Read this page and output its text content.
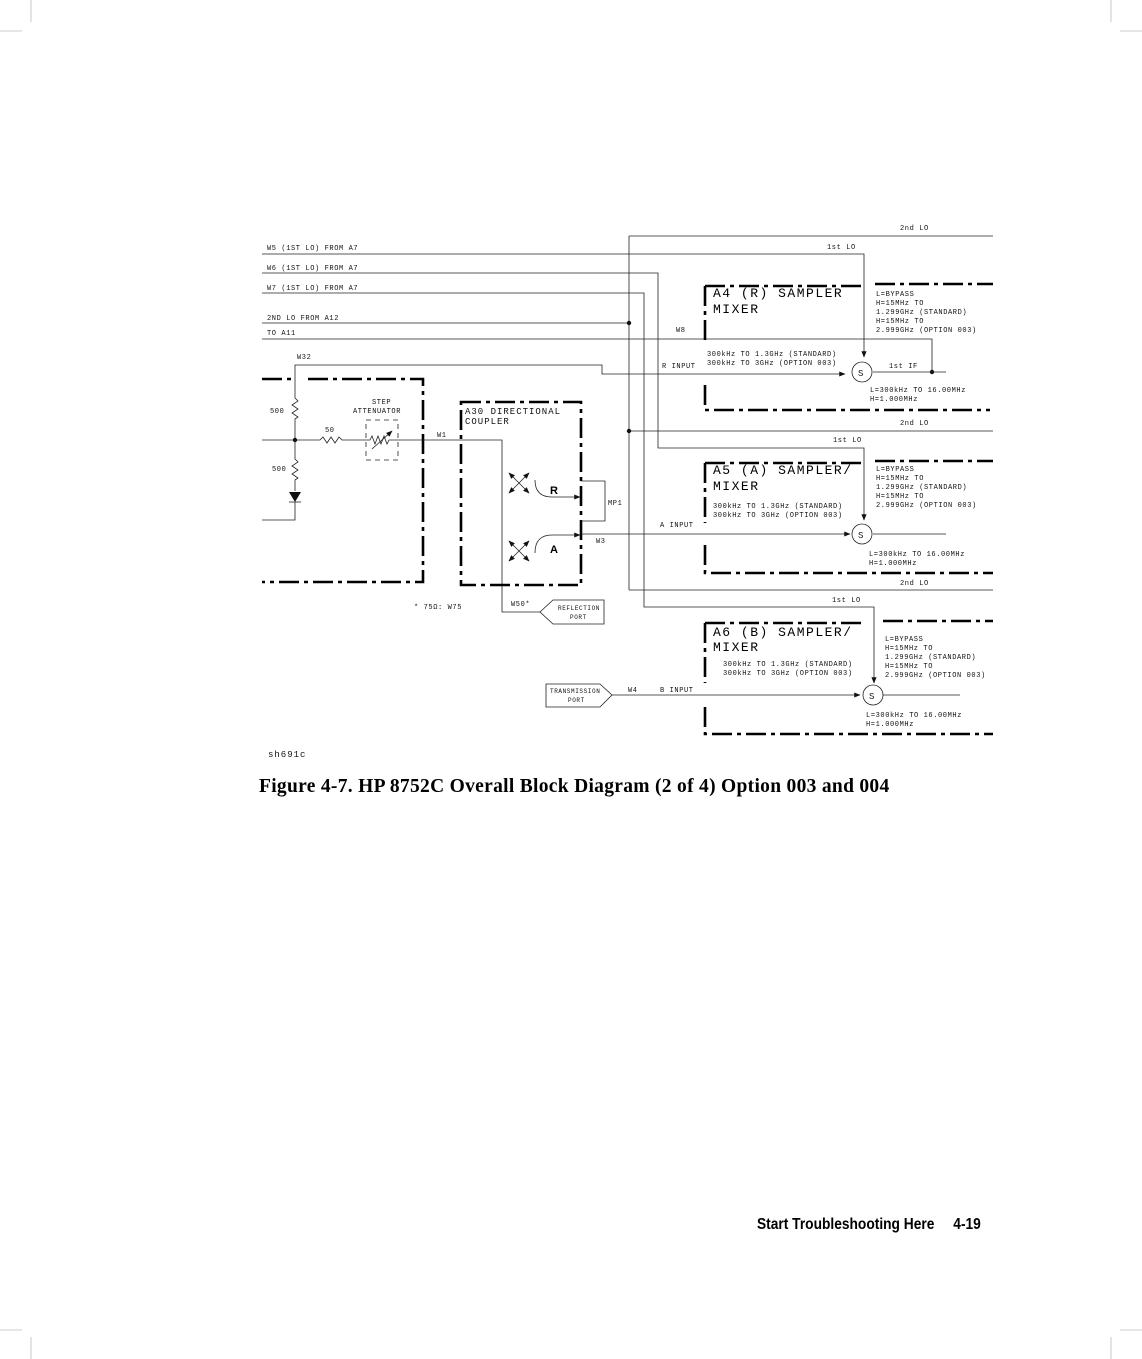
W5 (1ST LO) FROM A7
W6 (1ST LO) FROM A7
W7 (1ST LO) FROM A7
2ND LO FROM A12
TO A11
W32
500
50
500
STEP
ATTENUATOR
W1
A30 DIRECTIONAL
COUPLER
R
A
MP1
W3
* 75Ω: W75	W50*	REFLECTION
PORT
TRANSMISSION
PORT
W4
W8
2nd LO
1st LO
2nd LO
1st LO
2nd LO
1st LO
1st IF
A4 (R) SAMPLER
MIXER
R INPUT
300kHz TO 1.3GHz (STANDARD)
300kHz TO 3GHz (OPTION 003)
L=BYPASS
H=15MHz TO
1.299GHz (STANDARD)
H=15MHz TO
2.999GHz (OPTION 003)
L=300kHz TO 16.00MHz
H=1.000MHz
S
A5 (A) SAMPLER/
MIXER
A INPUT
300kHz TO 1.3GHz (STANDARD)
300kHz TO 3GHz (OPTION 003)
L=BYPASS
H=15MHz TO
1.299GHz (STANDARD)
H=15MHz TO
2.999GHz (OPTION 003)
L=300kHz TO 16.00MHz
H=1.000MHz
S
A6 (B) SAMPLER/
MIXER
B INPUT
300kHz TO 1.3GHz (STANDARD)
300kHz TO 3GHz (OPTION 003)
L=BYPASS
H=15MHz TO
1.299GHz (STANDARD)
H=15MHz TO
2.999GHz (OPTION 003)
L=300kHz TO 16.00MHz
H=1.000MHz
S
sh691c

Figure 4-7. HP 8752C Overall Block Diagram (2 of 4) Option 003 and 004

Start Troubleshooting Here 4-19
